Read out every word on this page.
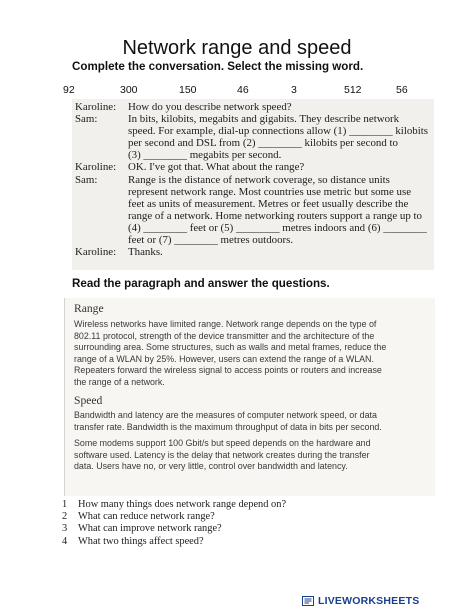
Network range and speed
Complete the conversation. Select the missing word.
92	300	150	46	3	512	56
Karoline:	How do you describe network speed?
Sam:	In bits, kilobits, megabits and gigabits. They describe network
speed. For example, dial-up connections allow (1) ________ kilobits
per second and DSL from (2) ________ kilobits per second to
(3) ________ megabits per second.
Karoline:	OK. I've got that. What about the range?
Sam:	Range is the distance of network coverage, so distance units
represent network range. Most countries use metric but some use
feet as units of measurement. Metres or feet usually describe the
range of a network. Home networking routers support a range up to
(4) ________ feet or (5) ________ metres indoors and (6) ________
feet or (7) ________ metres outdoors.
Karoline:	Thanks.
Read the paragraph and answer the questions.
Range
Wireless networks have limited range. Network range depends on the type of
802.11 protocol, strength of the device transmitter and the architecture of the
surrounding area. Some structures, such as walls and metal frames, reduce the
range of a WLAN by 25%. However, users can extend the range of a WLAN.
Repeaters forward the wireless signal to access points or routers and increase
the range of a network.
Speed
Bandwidth and latency are the measures of computer network speed, or data
transfer rate. Bandwidth is the maximum throughput of data in bits per second.
Some modems support 100 Gbit/s but speed depends on the hardware and
software used. Latency is the delay that network creates during the transfer
data. Users have no, or very little, control over bandwidth and latency.
1 How many things does network range depend on?
2 What can reduce network range?
3 What can improve network range?
4 What two things affect speed?
LIVEWORKSHEETS
